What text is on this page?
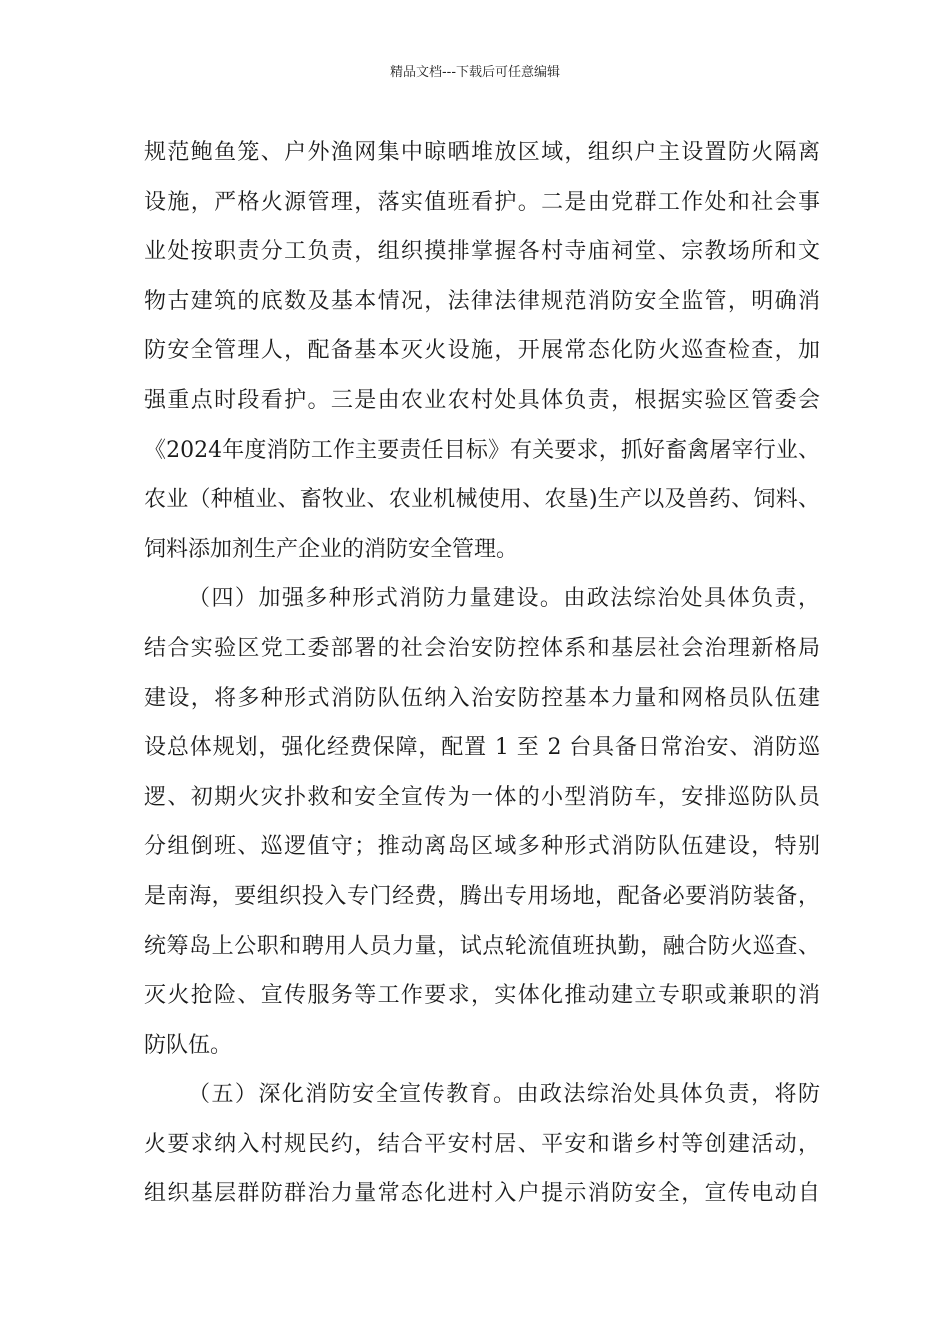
精品文档---下载后可任意编辑
规范鲍鱼笼、户外渔网集中晾晒堆放区域，组织户主设置防火隔离
设施，严格火源管理，落实值班看护。二是由党群工作处和社会事
业处按职责分工负责，组织摸排掌握各村寺庙祠堂、宗教场所和文
物古建筑的底数及基本情况，法律法律规范消防安全监管，明确消
防安全管理人，配备基本灭火设施，开展常态化防火巡查检查，加
强重点时段看护。三是由农业农村处具体负责，根据实验区管委会
《2024年度消防工作主要责任目标》有关要求，抓好畜禽屠宰行业、
农业（种植业、畜牧业、农业机械使用、农垦)生产以及兽药、饲料、
饲料添加剂生产企业的消防安全管理。
（四）加强多种形式消防力量建设。由政法综治处具体负责，
结合实验区党工委部署的社会治安防控体系和基层社会治理新格局
建设，将多种形式消防队伍纳入治安防控基本力量和网格员队伍建
设总体规划，强化经费保障，配置 1 至 2 台具备日常治安、消防巡
逻、初期火灾扑救和安全宣传为一体的小型消防车，安排巡防队员
分组倒班、巡逻值守；推动离岛区域多种形式消防队伍建设，特别
是南海，要组织投入专门经费，腾出专用场地，配备必要消防装备，
统筹岛上公职和聘用人员力量，试点轮流值班执勤，融合防火巡查、
灭火抢险、宣传服务等工作要求，实体化推动建立专职或兼职的消
防队伍。
（五）深化消防安全宣传教育。由政法综治处具体负责，将防
火要求纳入村规民约，结合平安村居、平安和谐乡村等创建活动，
组织基层群防群治力量常态化进村入户提示消防安全，宣传电动自
